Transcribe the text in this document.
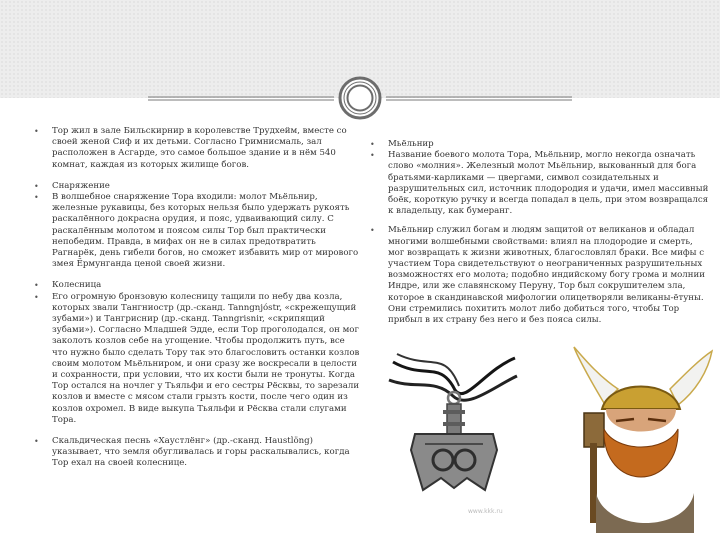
•	Тор жил в зале Бильскирнир в королевстве Трудхейм, вместе со своей женой Сиф и их детьми. Согласно Гримнисмаль, зал расположен в Асгарде, это самое большое здание и в нём 540 комнат, каждая из которых жилище богов.

•	Снаряжение

•	В волшебное снаряжение Тора входили: молот Мьёльнир, железные рукавицы, без которых нельзя было удержать рукоять раскалённого докрасна орудия, и пояс, удваивающий силу. С раскалённым молотом и поясом силы Тор был практически непобедим. Правда, в мифах он не в силах предотвратить Рагнарёк, день гибели богов, но сможет избавить мир от мирового змея Ёрмунганда ценой своей жизни.

•	Колесница

•	Его огромную бронзовую колесницу тащили по небу два козла, которых звали Тангниостр (др.-сканд. Tanngnjóstr, «скрежещущий зубами») и Тангриснир (др.-сканд. Tanngrisnir, «скрипящий зубами»). Согласно Младшей Эдде, если Тор проголодался, он мог заколоть козлов себе на угощение. Чтобы продолжить путь, все что нужно было сделать Тору так это благословить останки козлов своим молотом Мьёльниром, и они сразу же воскресали в целости и сохранности, при условии, что их кости были не тронуты. Когда Тор остался на ночлег у Тьяльфи и его сестры Рёсквы, то зарезали козлов и вместе с мясом стали грызть кости, после чего один из козлов охромел. В виде выкупа Тьяльфи и Рёсква стали слугами Тора.

•	Скальдическая песнь «Хаустлёнг» (др.-сканд. Haustlöng) указывает, что земля обугливалась и горы раскалывались, когда Тор ехал на своей колеснице.

•	Мьёльнир

•	Название боевого молота Тора, Мьёльнир, могло некогда означать слово «молния». Железный молот Мьёльнир, выкованный для бога братьями-карликами — цвергами, символ созидательных и разрушительных сил, источник плодородия и удачи, имел массивный боёк, короткую ручку и всегда попадал в цель, при этом возвращался к владельцу, как бумеранг.

•	Мьёльнир служил богам и людям защитой от великанов и обладал многими волшебными свойствами: влиял на плодородие и смерть, мог возвращать к жизни животных, благословлял браки. Все мифы с участием Тора свидетельствуют о неограниченных разрушительных возможностях его молота; подобно индийскому богу грома и молнии Индре, или же славянскому Перуну, Тор был сокрушителем зла, которое в скандинавской мифологии олицетворяли великаны-ётуны. Они стремились похитить молот либо добиться того, чтобы Тор прибыл в их страну без него и без пояса силы.

www.kkk.ru
